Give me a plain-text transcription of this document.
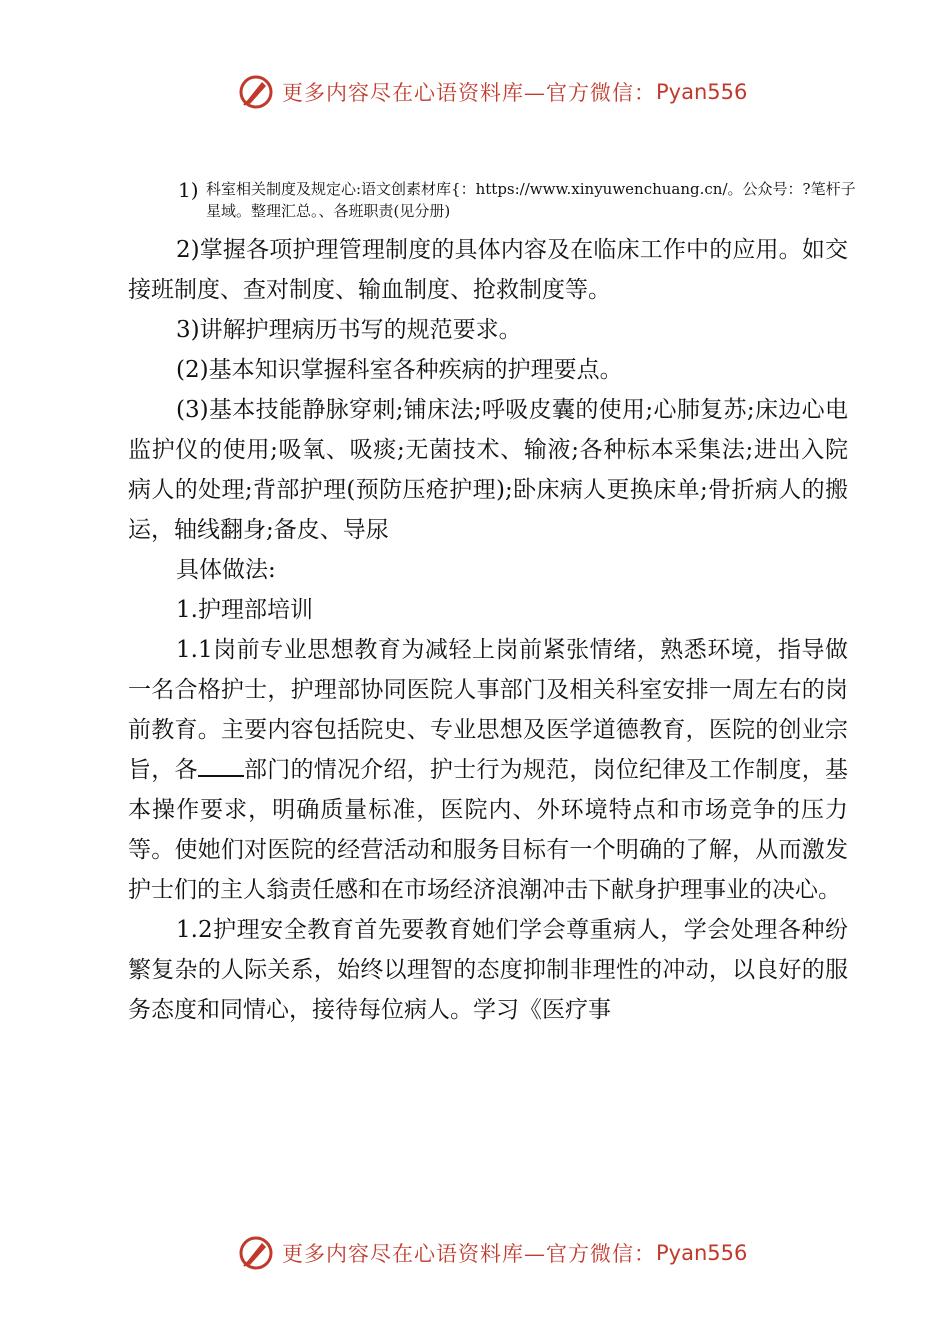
更多内容尽在心语资料库—官方微信： Pyan556
1) 科室相关制度及规定心:语文创素材库{：https://www.xinyuwenchuang.cn/。公众号：?笔杆子星域。整理汇总。、各班职责(见分册)

2)掌握各项护理管理制度的具体内容及在临床工作中的应用。如交接班制度、查对制度、输血制度、抢救制度等。

3)讲解护理病历书写的规范要求。

(2)基本知识掌握科室各种疾病的护理要点。

(3)基本技能静脉穿刺;铺床法;呼吸皮囊的使用;心肺复苏;床边心电监护仪的使用;吸氧、吸痰;无菌技术、输液;各种标本采集法;进出入院病人的处理;背部护理(预防压疮护理);卧床病人更换床单;骨折病人的搬运，轴线翻身;备皮、导尿

具体做法:

1.护理部培训

1.1岗前专业思想教育为减轻上岗前紧张情绪，熟悉环境，指导做一名合格护士，护理部协同医院人事部门及相关科室安排一周左右的岗前教育。主要内容包括院史、专业思想及医学道德教育，医院的创业宗旨，各 部门的情况介绍，护士行为规范，岗位纪律及工作制度，基本操作要求，明确质量标准，医院内、外环境特点和市场竞争的压力等。使她们对医院的经营活动和服务目标有一个明确的了解，从而激发护士们的主人翁责任感和在市场经济浪潮冲击下献身护理事业的决心。

1.2护理安全教育首先要教育她们学会尊重病人，学会处理各种纷繁复杂的人际关系，始终以理智的态度抑制非理性的冲动，以良好的服务态度和同情心，接待每位病人。学习《医疗事

更多内容尽在心语资料库—官方微信： Pyan556
